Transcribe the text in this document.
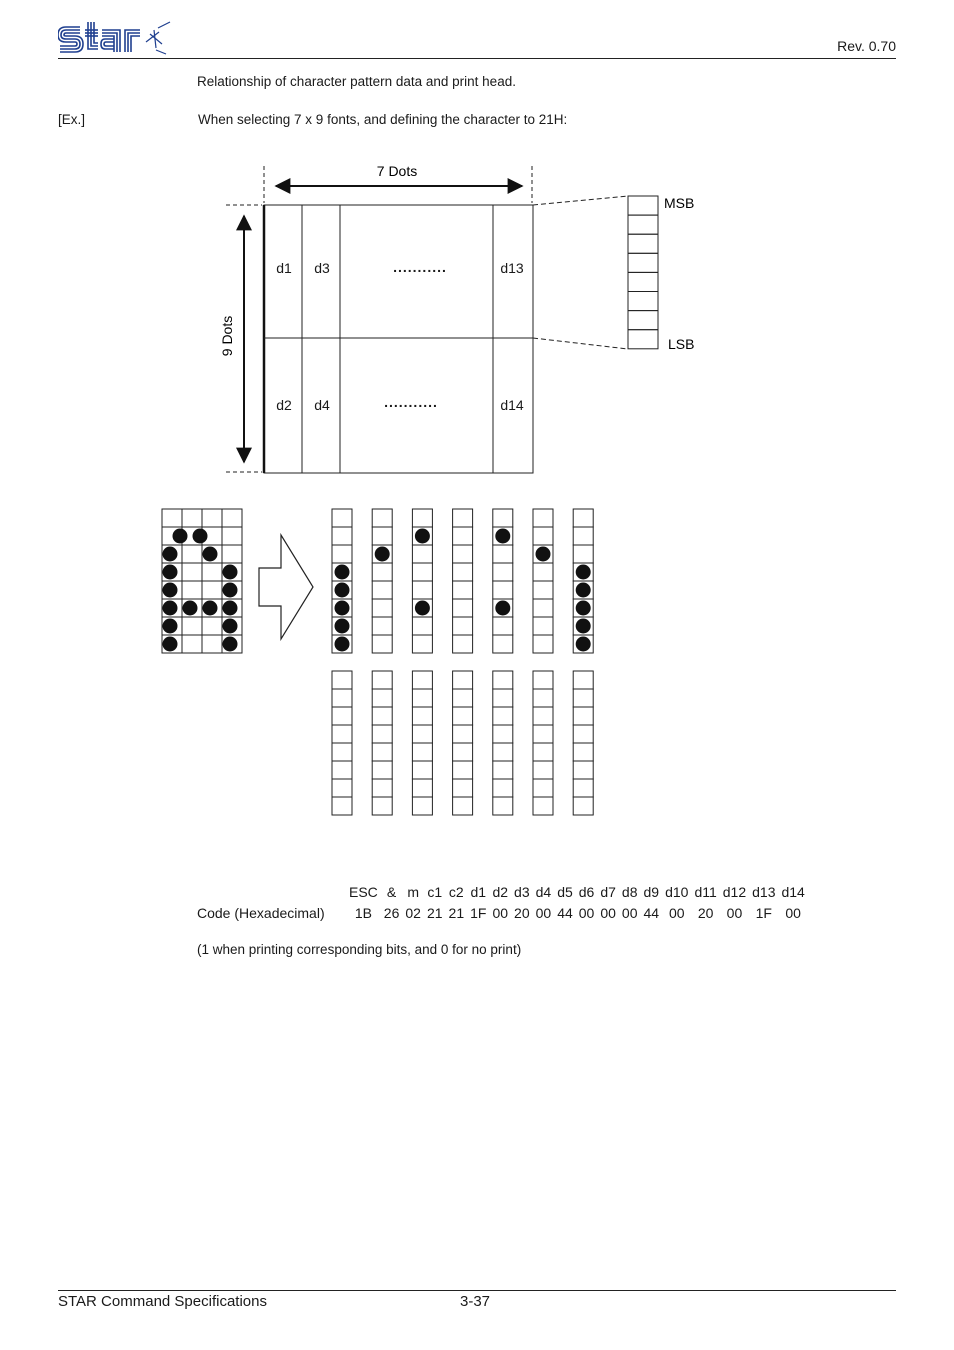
Rev. 0.70
Relationship of character pattern data and print head.
[Ex.]	When selecting 7 x 9 fonts, and defining the character to 21H:
7 Dots
9 Dots
d1 d3	d13
d2 d4	d14
...........
...........
MSB
LSB
	ESC	&	m	c1	c2	d1	d2	d3	d4	d5	d6	d7	d8	d9	d10	d11	d12	d13	d14
Code (Hexadecimal)	1B	26	02	21	21	1F	00	20	00	44	00	00	00	44	00	20	00	1F	00
(1 when printing corresponding bits, and 0 for no print)
STAR Command Specifications	3-37
